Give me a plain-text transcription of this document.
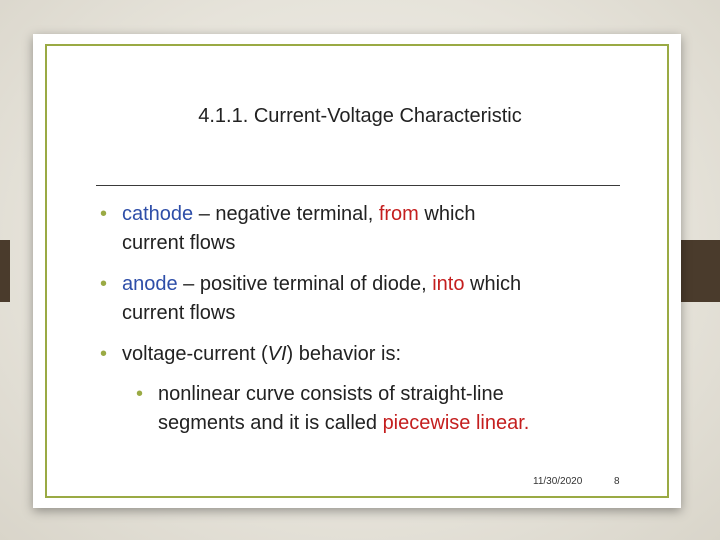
4.1.1. Current-Voltage Characteristic
• cathode – negative terminal, from which
current flows
• anode – positive terminal of diode, into which
current flows
• voltage-current (VI) behavior is:
• nonlinear curve consists of straight-line
segments and it is called piecewise linear.
11/30/2020	8
